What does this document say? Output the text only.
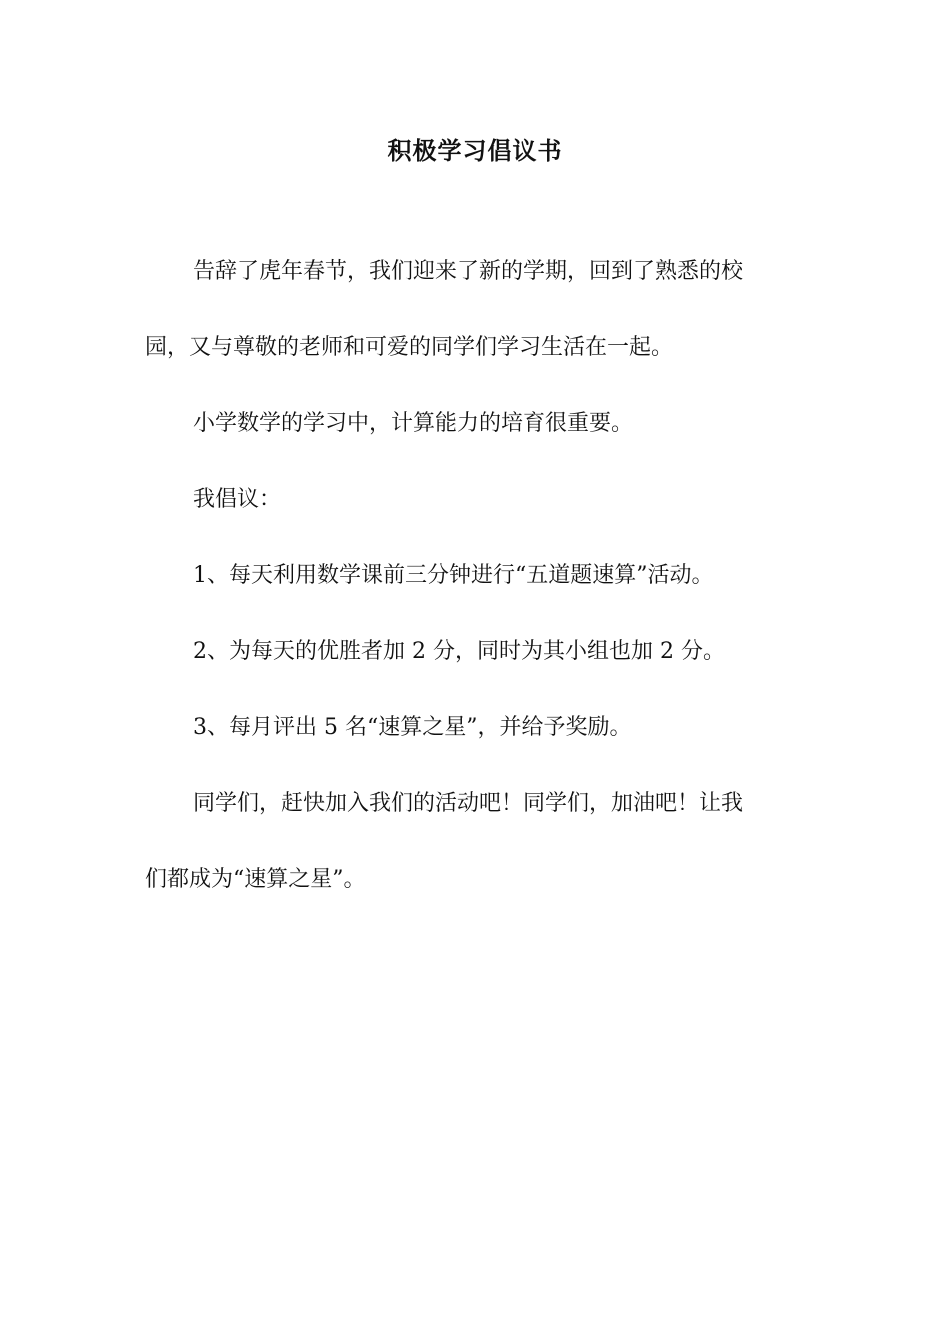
积极学习倡议书

告辞了虎年春节，我们迎来了新的学期，回到了熟悉的校
园，又与尊敬的老师和可爱的同学们学习生活在一起。

小学数学的学习中，计算能力的培育很重要。

我倡议：

1、每天利用数学课前三分钟进行“五道题速算”活动。

2、为每天的优胜者加 2 分，同时为其小组也加 2 分。

3、每月评出 5 名“速算之星”，并给予奖励。

同学们，赶快加入我们的活动吧！同学们，加油吧！让我
们都成为“速算之星”。
